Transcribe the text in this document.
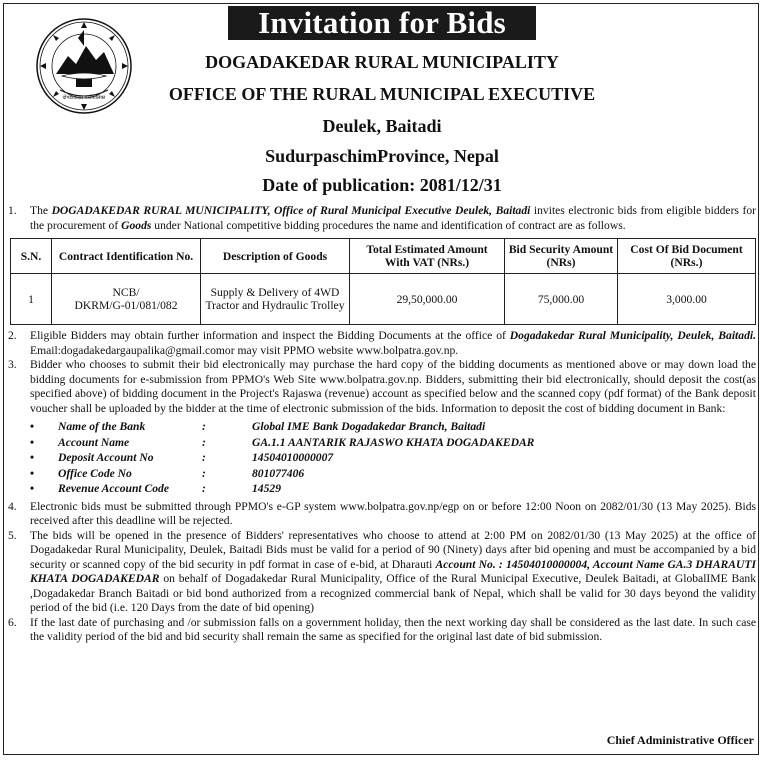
Invitation for Bids
दोगडाकेदार गाउँपालिका
DOGADAKEDAR RURAL MUNICIPALITY
OFFICE OF THE RURAL MUNICIPAL EXECUTIVE
Deulek, Baitadi
SudurpaschimProvince, Nepal
Date of publication: 2081/12/31
1.	The DOGADAKEDAR RURAL MUNICIPALITY, Office of Rural Municipal Executive Deulek, Baitadi invites electronic bids from eligible bidders for the procurement of Goods under National competitive bidding procedures the name and identification of contract are as follows.
S.N.	Contract Identification No.	Description of Goods	Total Estimated Amount With VAT (NRs.)	Bid Security Amount (NRs)	Cost Of Bid Document (NRs.)
1	NCB/
DKRM/G-01/081/082	Supply & Delivery of 4WD Tractor and Hydraulic Trolley	29,50,000.00	75,000.00	3,000.00
2.	Eligible Bidders may obtain further information and inspect the Bidding Documents at the office of Dogadakedar Rural Municipality, Deulek, Baitadi. Email:dogadakedargaupalika@gmail.comor may visit PPMO website www.bolpatra.gov.np.
3.	Bidder who chooses to submit their bid electronically may purchase the hard copy of the bidding documents as mentioned above or may down load the bidding documents for e-submission from PPMO's Web Site www.bolpatra.gov.np. Bidders, submitting their bid electronically, should deposit the cost(as specified above) of bidding document in the Project's Rajaswa (revenue) account as specified below and the scanned copy (pdf format) of the Bank deposit voucher shall be uploaded by the bidder at the time of electronic submission of the bids. Information to deposit the cost of bidding document in Bank:
•	Name of the Bank	:	Global IME Bank Dogadakedar Branch, Baitadi
•	Account Name	:	GA.1.1 AANTARIK RAJASWO KHATA DOGADAKEDAR
•	Deposit Account No	:	14504010000007
•	Office Code No	:	801077406
•	Revenue Account Code	:	14529
4.	Electronic bids must be submitted through PPMO's e-GP system www.bolpatra.gov.np/egp on or before 12:00 Noon on 2082/01/30 (13 May 2025). Bids received after this deadline will be rejected.
5.	The bids will be opened in the presence of Bidders' representatives who choose to attend at 2:00 PM on 2082/01/30 (13 May 2025) at the office of Dogadakedar Rural Municipality, Deulek, Baitadi Bids must be valid for a period of 90 (Ninety) days after bid opening and must be accompanied by a bid security or scanned copy of the bid security in pdf format in case of e-bid, at Dharauti Account No. : 14504010000004, Account Name GA.3 DHARAUTI KHATA DOGADAKEDAR on behalf of Dogadakedar Rural Municipality, Office of the Rural Municipal Executive, Deulek Baitadi, at GlobalIME Bank ,Dogadakedar Branch Baitadi or bid bond authorized from a recognized commercial bank of Nepal, which shall be valid for 30 days beyond the validity period of the bid (i.e. 120 Days from the date of bid opening)
6.	If the last date of purchasing and /or submission falls on a government holiday, then the next working day shall be considered as the last date. In such case the validity period of the bid and bid security shall remain the same as specified for the original last date of bid submission.
Chief Administrative Officer
